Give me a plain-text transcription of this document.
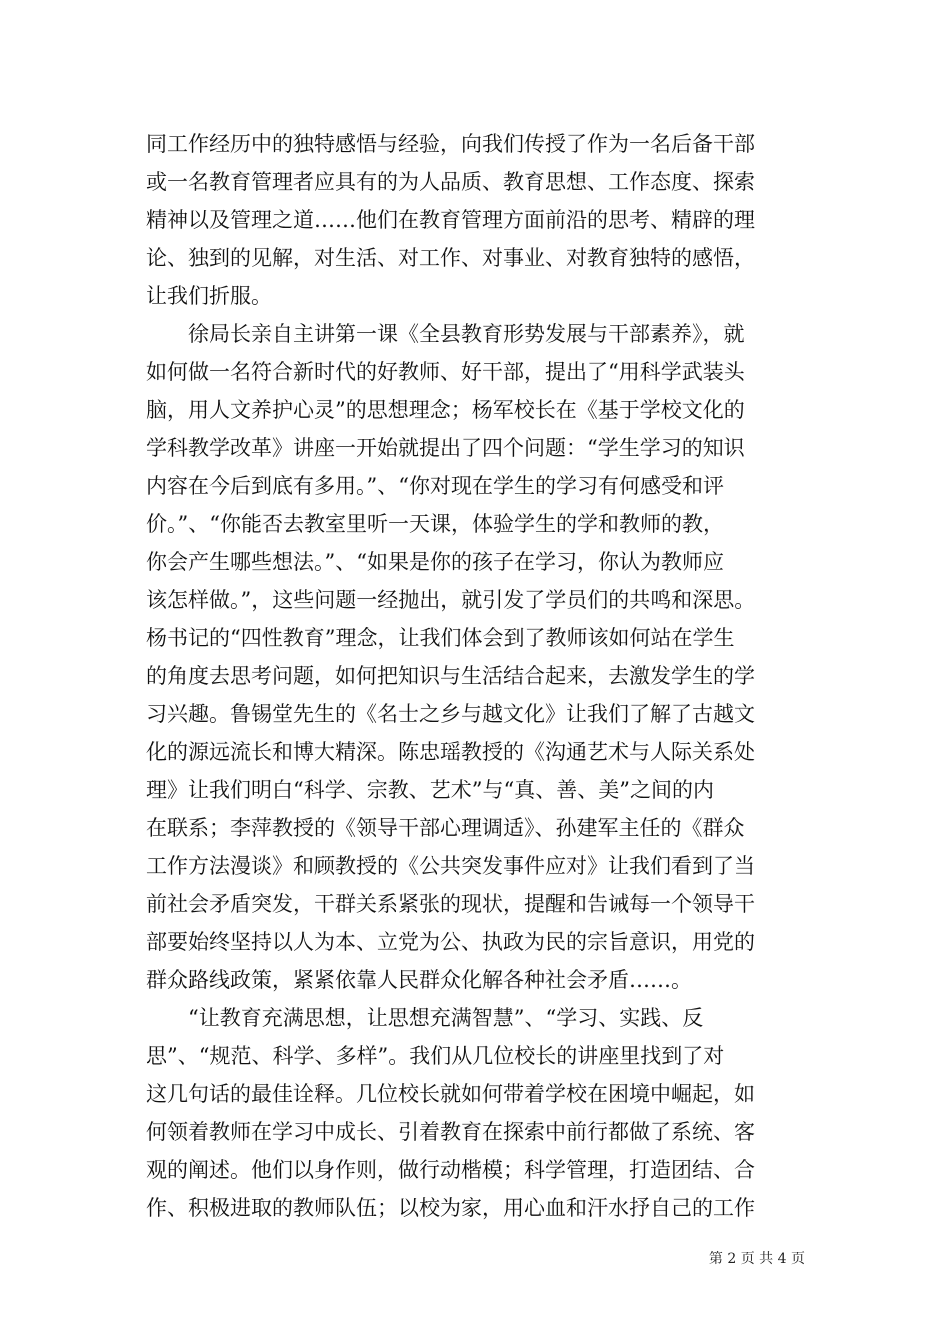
同工作经历中的独特感悟与经验，向我们传授了作为一名后备干部
或一名教育管理者应具有的为人品质、教育思想、工作态度、探索
精神以及管理之道……他们在教育管理方面前沿的思考、精辟的理
论、独到的见解，对生活、对工作、对事业、对教育独特的感悟，
让我们折服。
　　徐局长亲自主讲第一课《全县教育形势发展与干部素养》，就
如何做一名符合新时代的好教师、好干部，提出了“用科学武装头
脑，用人文养护心灵”的思想理念；杨军校长在《基于学校文化的
学科教学改革》讲座一开始就提出了四个问题：“学生学习的知识
内容在今后到底有多用。”、“你对现在学生的学习有何感受和评
价。”、“你能否去教室里听一天课，体验学生的学和教师的教，
你会产生哪些想法。”、“如果是你的孩子在学习，你认为教师应
该怎样做。”，这些问题一经抛出，就引发了学员们的共鸣和深思。
杨书记的“四性教育”理念，让我们体会到了教师该如何站在学生
的角度去思考问题，如何把知识与生活结合起来，去激发学生的学
习兴趣。鲁锡堂先生的《名士之乡与越文化》让我们了解了古越文
化的源远流长和博大精深。陈忠瑶教授的《沟通艺术与人际关系处
理》让我们明白“科学、宗教、艺术”与“真、善、美”之间的内
在联系；李萍教授的《领导干部心理调适》、孙建军主任的《群众
工作方法漫谈》和顾教授的《公共突发事件应对》让我们看到了当
前社会矛盾突发，干群关系紧张的现状，提醒和告诫每一个领导干
部要始终坚持以人为本、立党为公、执政为民的宗旨意识，用党的
群众路线政策，紧紧依靠人民群众化解各种社会矛盾……。
　　“让教育充满思想，让思想充满智慧”、“学习、实践、反
思”、“规范、科学、多样”。我们从几位校长的讲座里找到了对
这几句话的最佳诠释。几位校长就如何带着学校在困境中崛起，如
何领着教师在学习中成长、引着教育在探索中前行都做了系统、客
观的阐述。他们以身作则，做行动楷模；科学管理，打造团结、合
作、积极进取的教师队伍；以校为家，用心血和汗水抒自己的工作
第 2 页 共 4 页
